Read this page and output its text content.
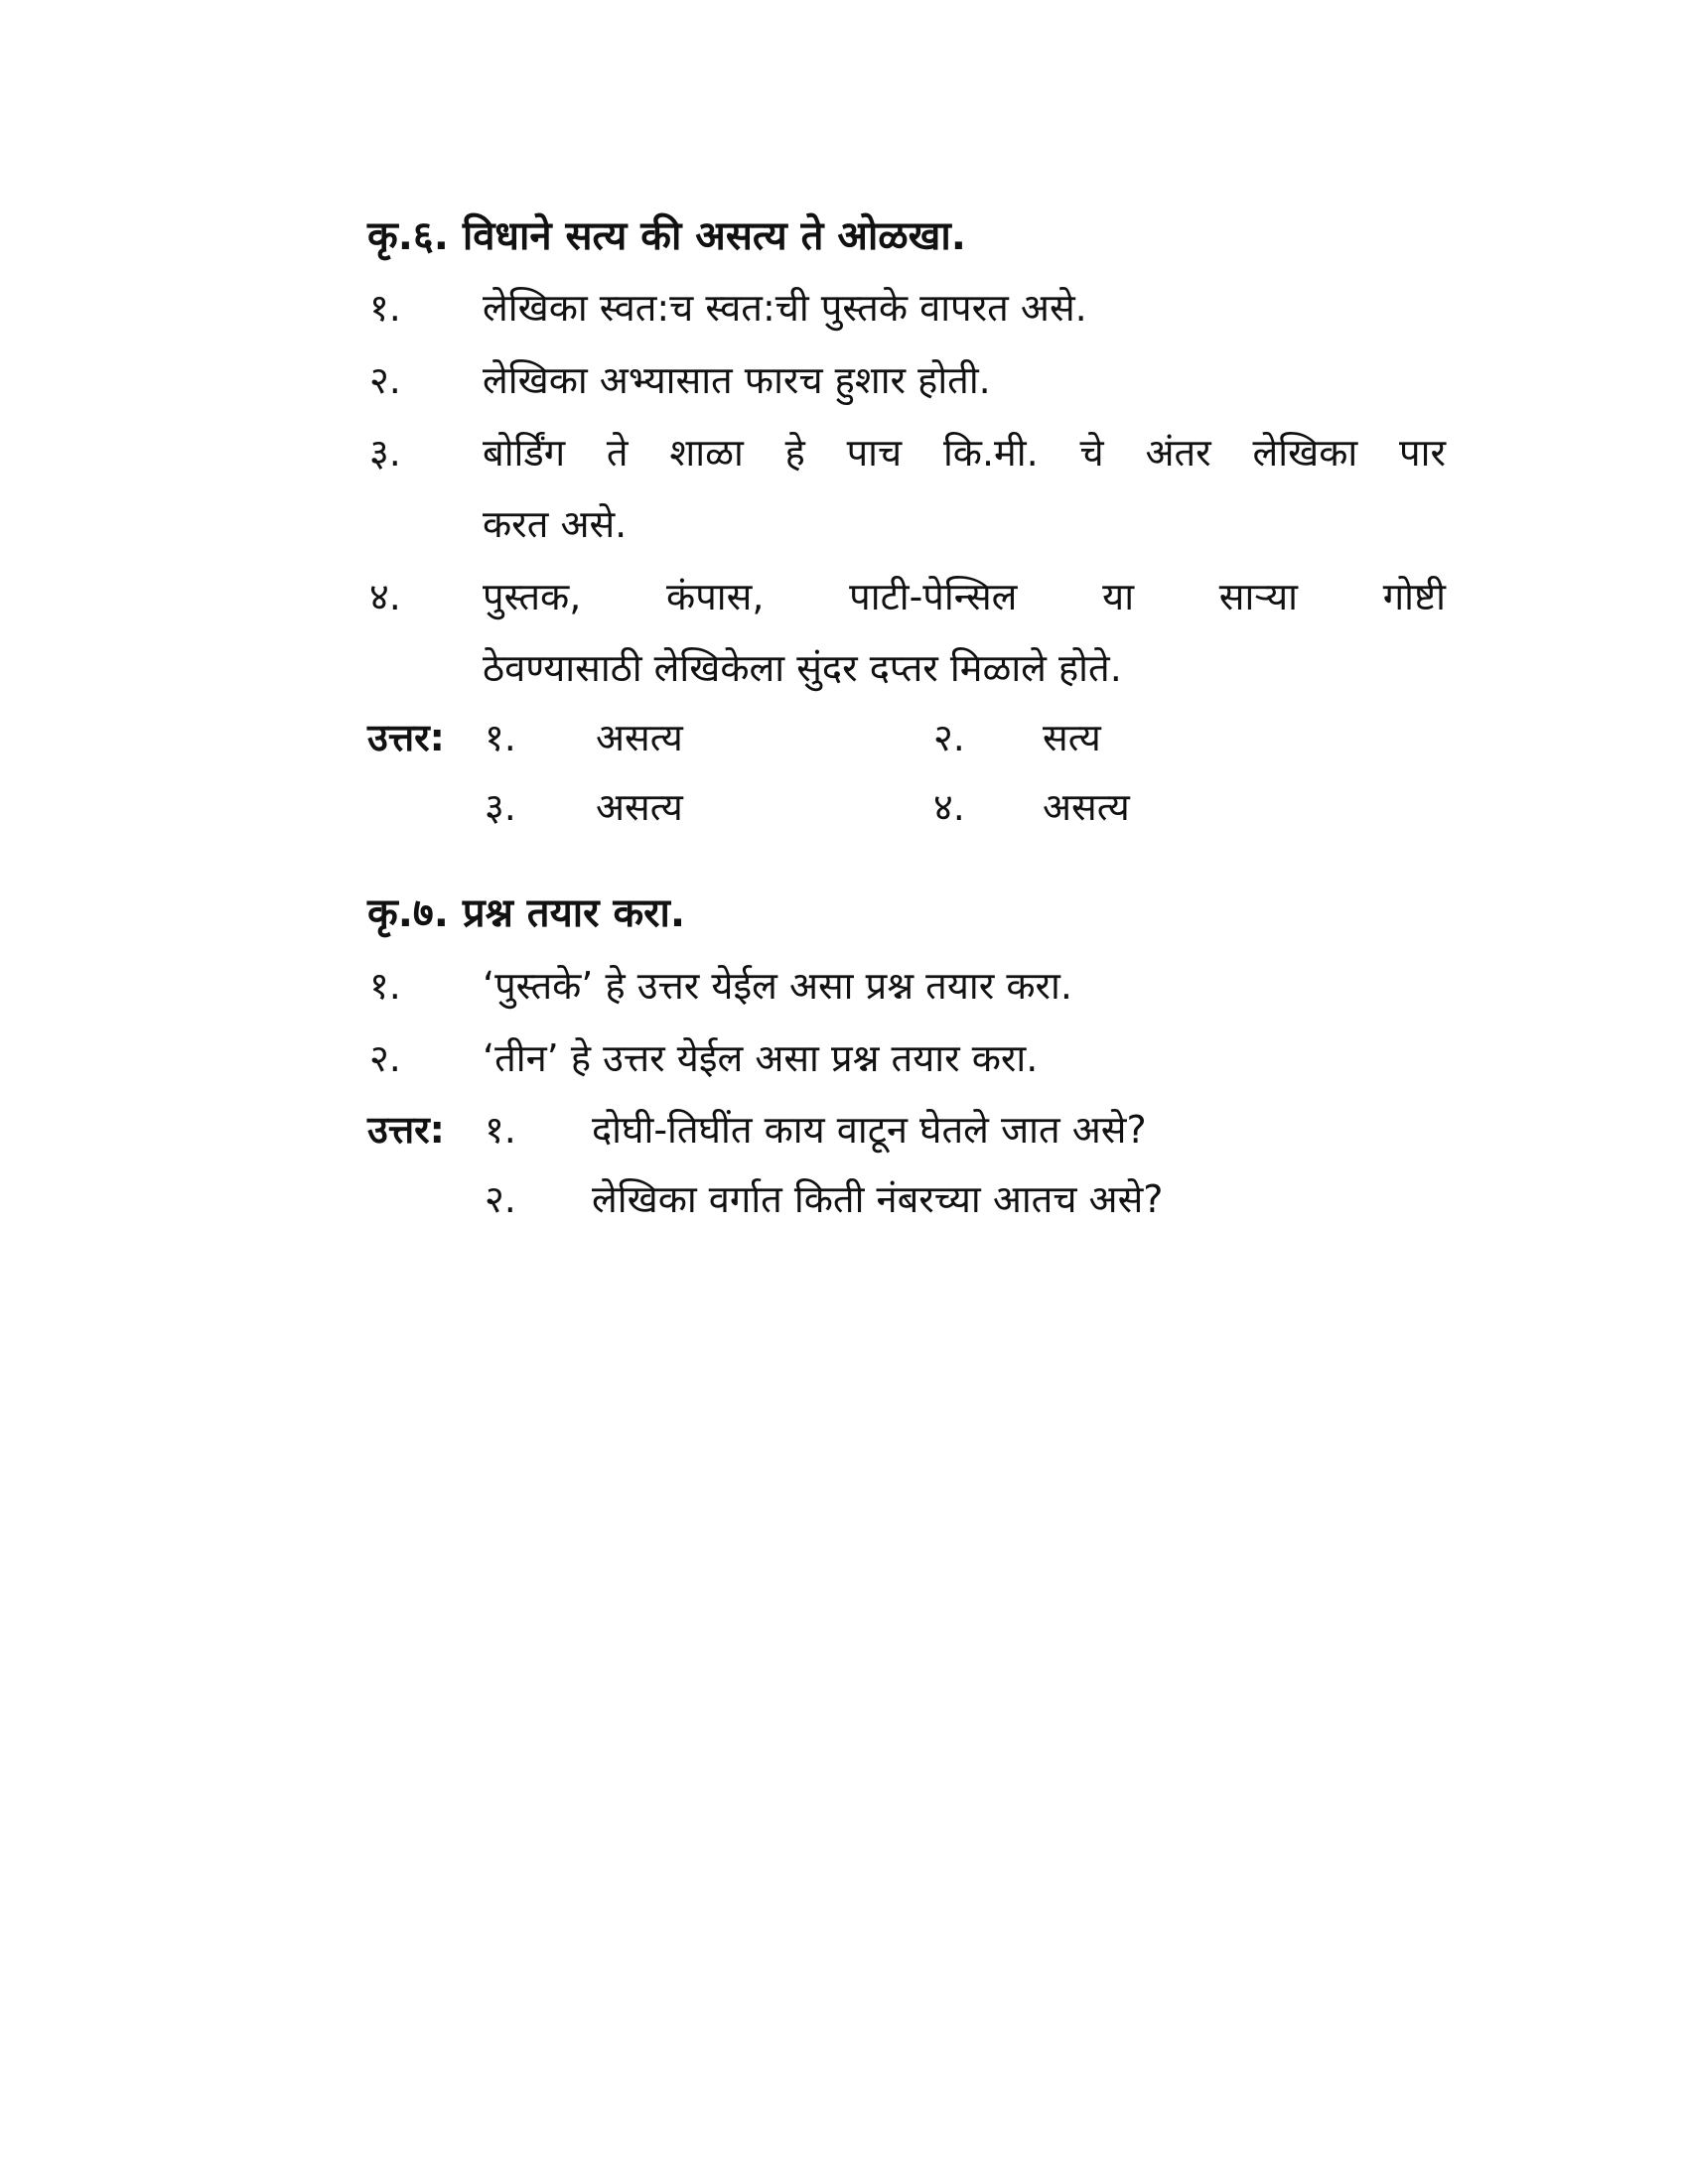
कृ.६. विधाने सत्य की असत्य ते ओळखा.
१. लेखिका स्वत:च स्वत:ची पुस्तके वापरत असे.
२. लेखिका अभ्यासात फारच हुशार होती.
३. बोर्डिंग ते शाळा हे पाच कि.मी. चे अंतर लेखिका पार
करत असे.
४. पुस्तक, कंपास, पाटी-पेन्सिल या साऱ्या गोष्टी
ठेवण्यासाठी लेखिकेला सुंदर दप्तर मिळाले होते.
उत्तर: १. असत्य	२. सत्य
३. असत्य	४. असत्य
कृ.७. प्रश्न तयार करा.
१. ‘पुस्तके’ हे उत्तर येईल असा प्रश्न तयार करा.
२. ‘तीन’ हे उत्तर येईल असा प्रश्न तयार करा.
उत्तर: १. दोघी-तिघींत काय वाटून घेतले जात असे?
२. लेखिका वर्गात किती नंबरच्या आतच असे?
